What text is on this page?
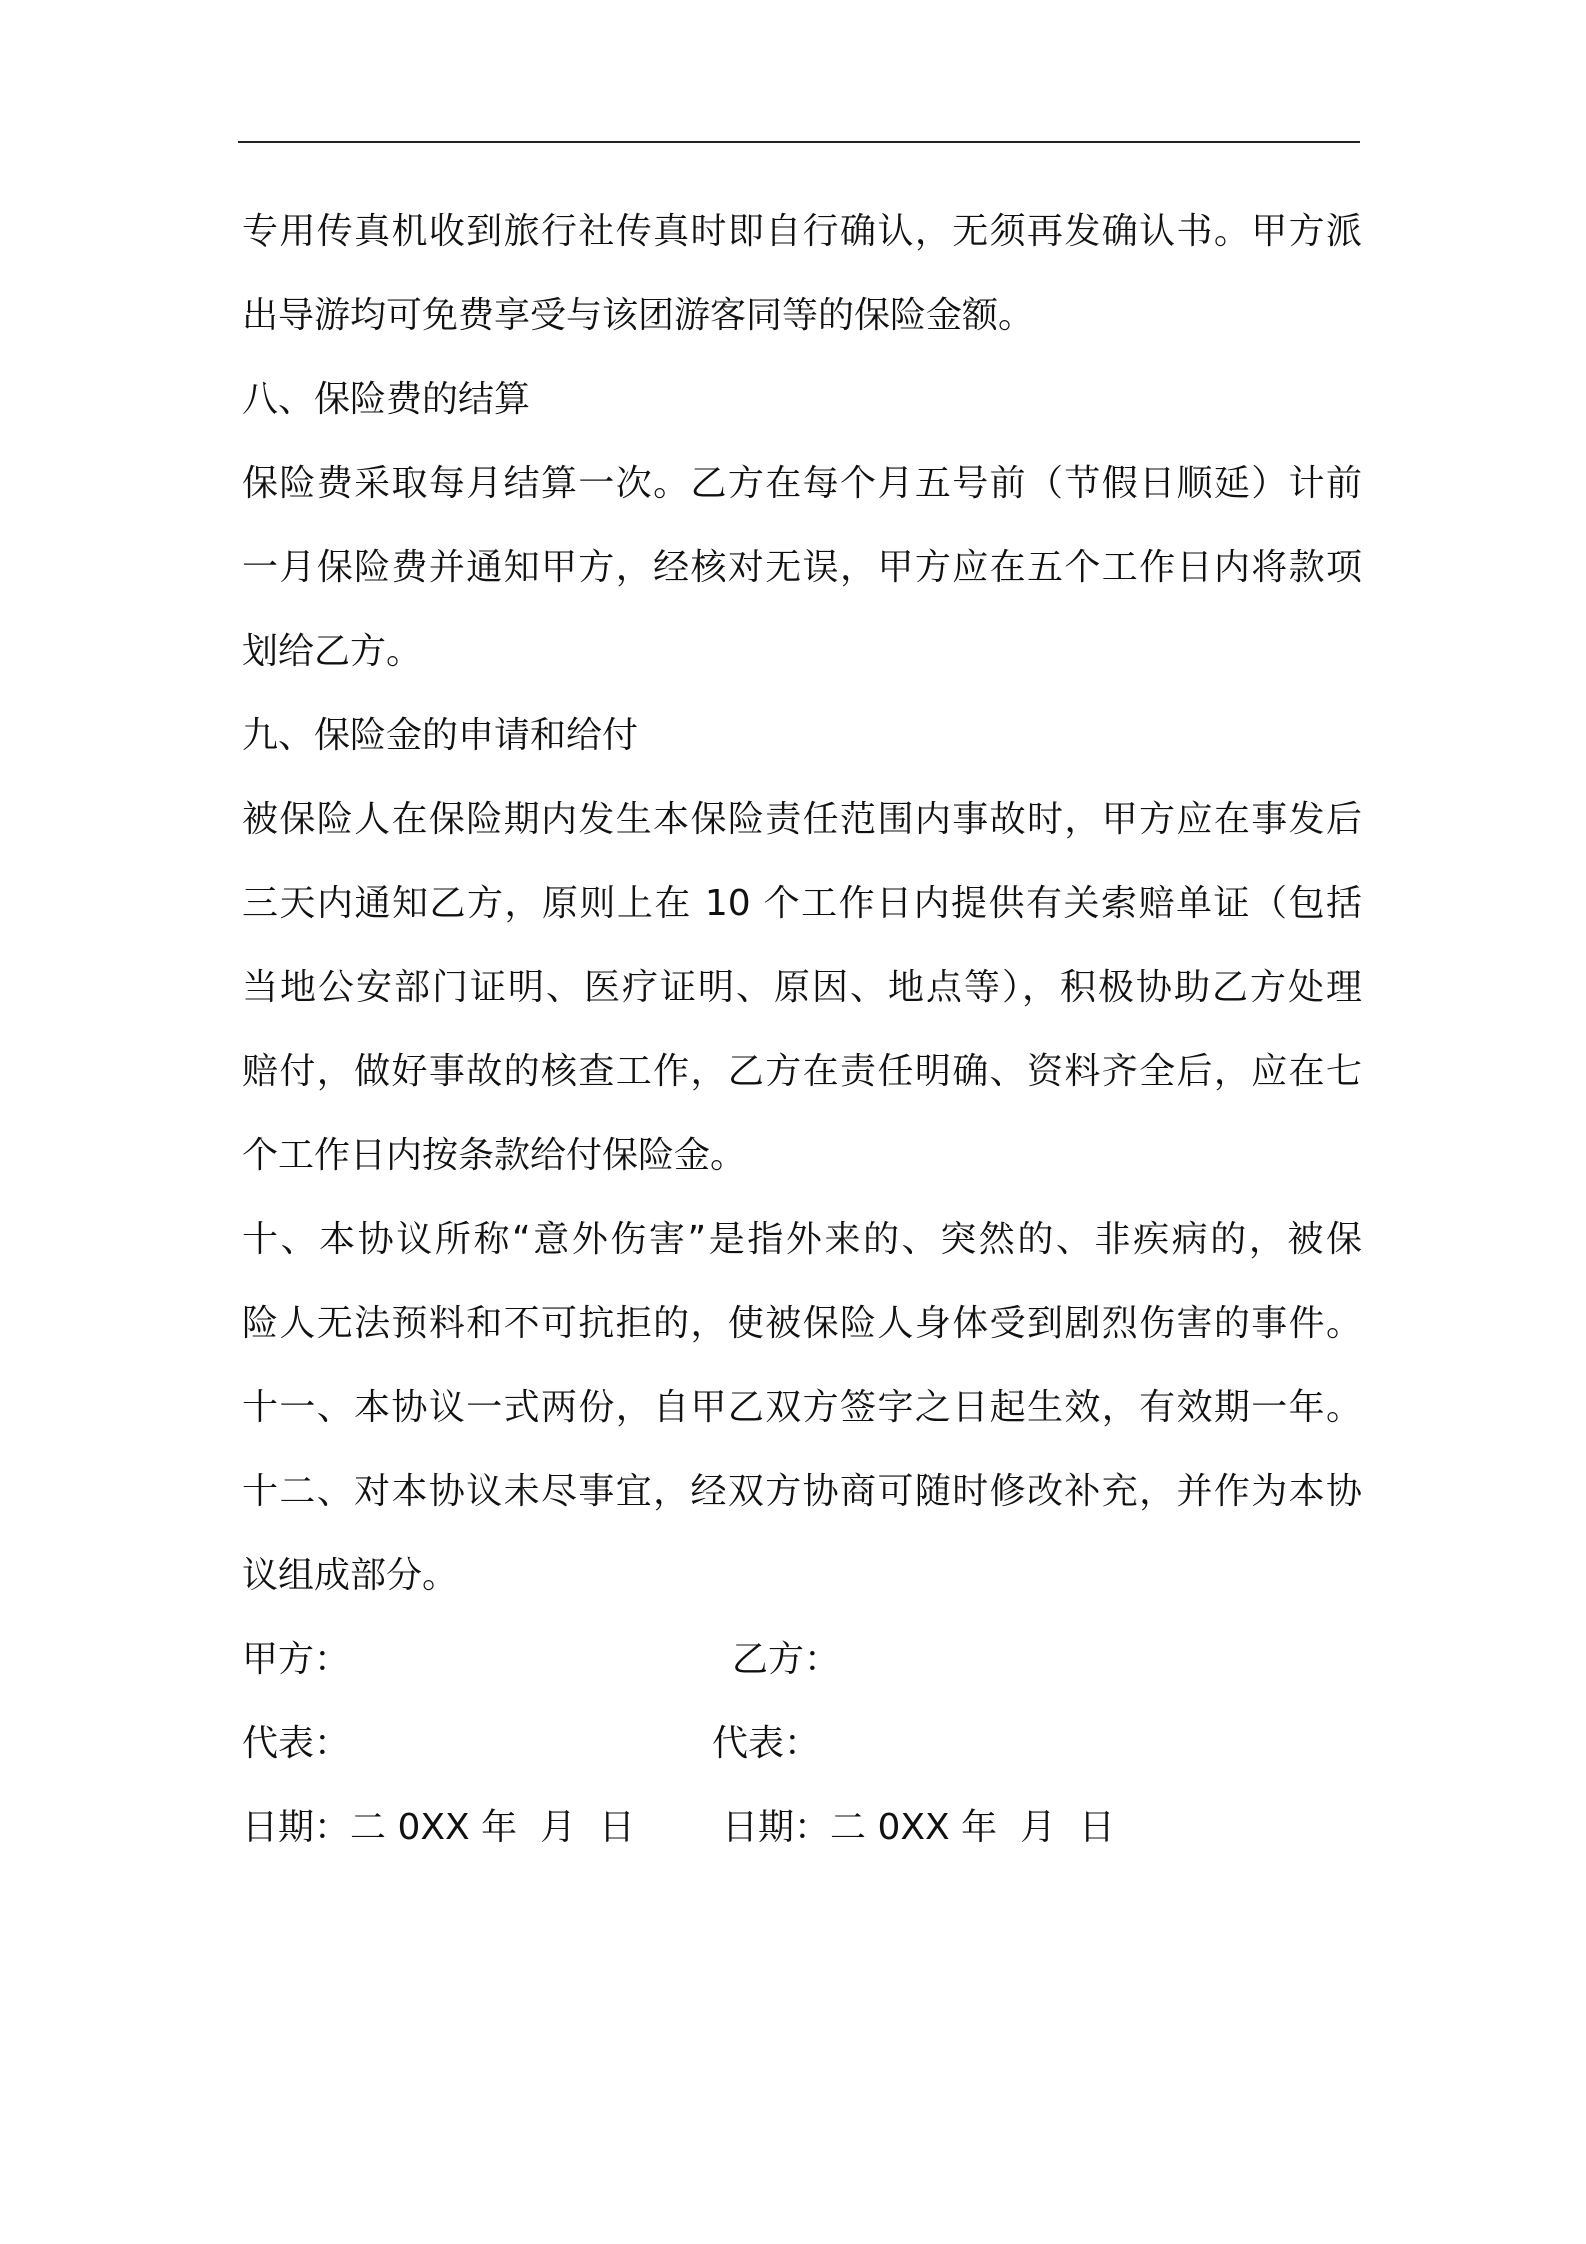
专用传真机收到旅行社传真时即自行确认，无须再发确认书。甲方派
出导游均可免费享受与该团游客同等的保险金额。
八、保险费的结算
保险费采取每月结算一次。乙方在每个月五号前（节假日顺延）计前
一月保险费并通知甲方，经核对无误，甲方应在五个工作日内将款项
划给乙方。
九、保险金的申请和给付
被保险人在保险期内发生本保险责任范围内事故时，甲方应在事发后
三天内通知乙方，原则上在 10 个工作日内提供有关索赔单证（包括
当地公安部门证明、医疗证明、原因、地点等），积极协助乙方处理
赔付，做好事故的核查工作，乙方在责任明确、资料齐全后，应在七
个工作日内按条款给付保险金。
十、本协议所称“意外伤害”是指外来的、突然的、非疾病的，被保
险人无法预料和不可抗拒的，使被保险人身体受到剧烈伤害的事件。
十一、本协议一式两份，自甲乙双方签字之日起生效，有效期一年。
十二、对本协议未尽事宜，经双方协商可随时修改补充，并作为本协
议组成部分。
甲方：	乙方：
代表：	代表：
日期：二 0XX 年  月  日 日期：二 0XX 年  月  日
